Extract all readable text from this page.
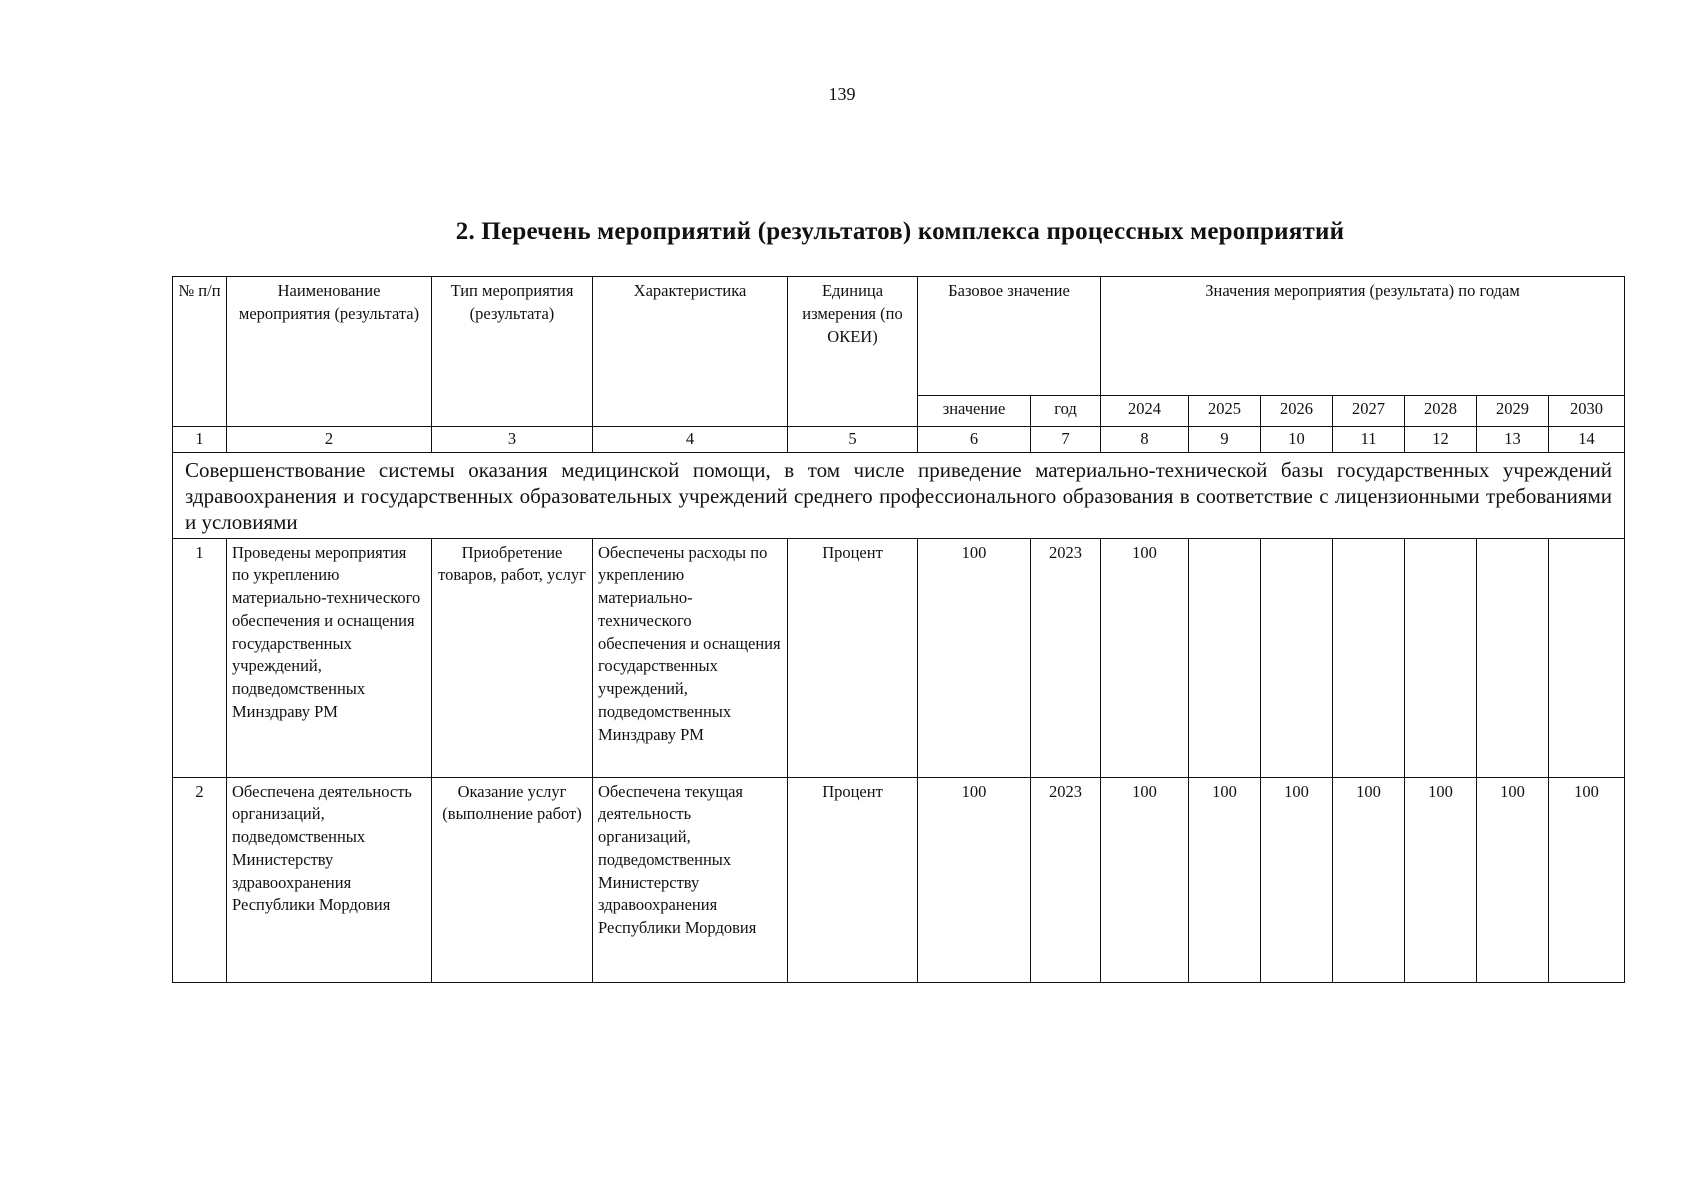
139
2. Перечень мероприятий (результатов) комплекса процессных мероприятий
№ п/п	Наименование мероприятия (результата)	Тип мероприятия (результата)	Характеристика	Единица измерения (по ОКЕИ)	Базовое значение		Значения мероприятия (результата) по годам						
					значение	год	2024	2025	2026	2027	2028	2029	2030
1	2	3	4	5	6	7	8	9	10	11	12	13	14
Совершенствование системы оказания медицинской помощи, в том числе приведение материально-технической базы государственных учреждений здравоохранения и государственных образовательных учреждений среднего профессионального образования в соответствие с лицензионными требованиями и условиями													
1	Проведены мероприятия по укреплению материально-технического обеспечения и оснащения государственных учреждений, подведомственных Минздраву РМ	Приобретение товаров, работ, услуг	Обеспечены расходы по укреплению материально-технического обеспечения и оснащения государственных учреждений, подведомственных Минздраву РМ	Процент	100	2023	100						
2	Обеспечена деятельность организаций, подведомственных Министерству здравоохранения Республики Мордовия	Оказание услуг (выполнение работ)	Обеспечена текущая деятельность организаций, подведомственных Министерству здравоохранения Республики Мордовия	Процент	100	2023	100	100	100	100	100	100	100
